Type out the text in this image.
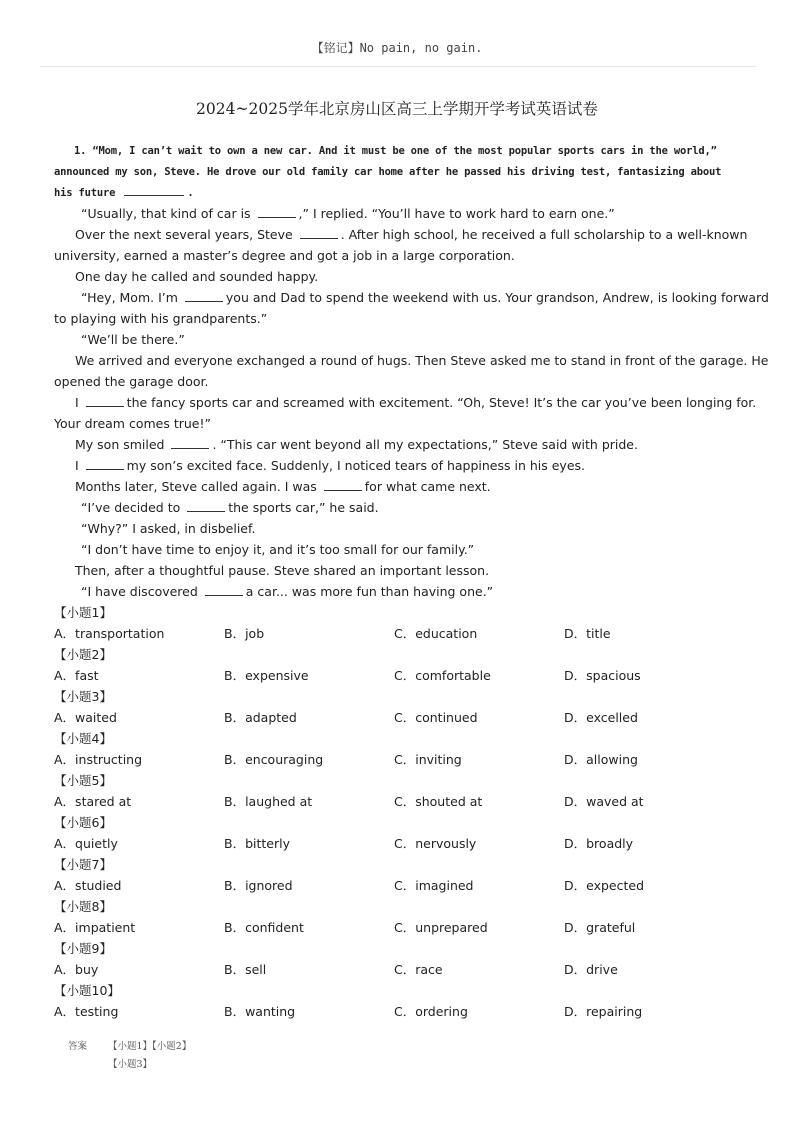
【铭记】No pain, no gain.
2024~2025学年北京房山区高三上学期开学考试英语试卷
1. “Mom, I can’t wait to own a new car. And it must be one of the most popular sports cars in the world,” announced my son, Steve. He drove our old family car home after he passed his driving test, fantasizing about his future	.
“Usually, that kind of car is	,” I replied. “You’ll have to work hard to earn one.”
Over the next several years, Steve	. After high school, he received a full scholarship to a well-known
university, earned a master’s degree and got a job in a large corporation.
One day he called and sounded happy.
“Hey, Mom. I’m	you and Dad to spend the weekend with us. Your grandson, Andrew, is looking forward
to playing with his grandparents.”
“We’ll be there.”
We arrived and everyone exchanged a round of hugs. Then Steve asked me to stand in front of the garage. He
opened the garage door.
I	the fancy sports car and screamed with excitement. “Oh, Steve! It’s the car you’ve been longing for.
Your dream comes true!”
My son smiled	. “This car went beyond all my expectations,” Steve said with pride.
I	my son’s excited face. Suddenly, I noticed tears of happiness in his eyes.
Months later, Steve called again. I was	for what came next.
“I’ve decided to	the sports car,” he said.
“Why?” I asked, in disbelief.
“I don’t have time to enjoy it, and it’s too small for our family.”
Then, after a thoughtful pause. Steve shared an important lesson.
“I have discovered	a car... was more fun than having one.”
【小题1】
A．transportation	B．job	C．education	D．title
【小题2】
A．fast	B．expensive	C．comfortable	D．spacious
【小题3】
A．waited	B．adapted	C．continued	D．excelled
【小题4】
A．instructing	B．encouraging	C．inviting	D．allowing
【小题5】
A．stared at	B．laughed at	C．shouted at	D．waved at
【小题6】
A．quietly	B．bitterly	C．nervously	D．broadly
【小题7】
A．studied	B．ignored	C．imagined	D．expected
【小题8】
A．impatient	B．confident	C．unprepared	D．grateful
【小题9】
A．buy	B．sell	C．race	D．drive
【小题10】
A．testing	B．wanting	C．ordering	D．repairing
答案 【小题1】【小题2】
【小题3】
